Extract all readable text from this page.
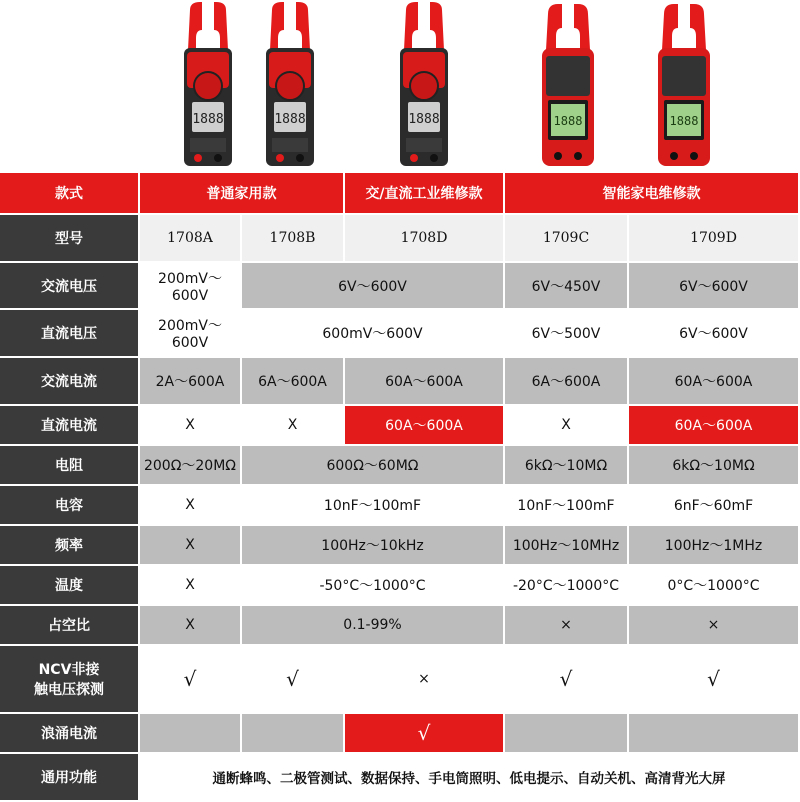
1888	1888	1888	1888	1888
款式	普通家用款		交/直流工业维修款	智能家电维修款	
型号	1708A	1708B	1708D	1709C	1709D
交流电压	200mV～600V	6V～600V		6V～450V	6V～600V
直流电压	200mV～600V	600mV～600V		6V～500V	6V～600V
交流电流	2A～600A	6A～600A	60A～600A	6A～600A	60A～600A
直流电流	X	X	60A～600A	X	60A～600A
电阻	200Ω～20MΩ	600Ω～60MΩ		6kΩ～10MΩ	6kΩ～10MΩ
电容	X	10nF～100mF		10nF～100mF	6nF～60mF
频率	X	100Hz～10kHz		100Hz～10MHz	100Hz～1MHz
温度	X	-50°C～1000°C		-20°C～1000°C	0°C～1000°C
占空比	X	0.1-99%		×	×

NCV非接
触电压探测	√	√	×	√	√
浪涌电流			√		
通用功能	通断蜂鸣、二极管测试、数据保持、手电筒照明、低电提示、自动关机、高清背光大屏				
